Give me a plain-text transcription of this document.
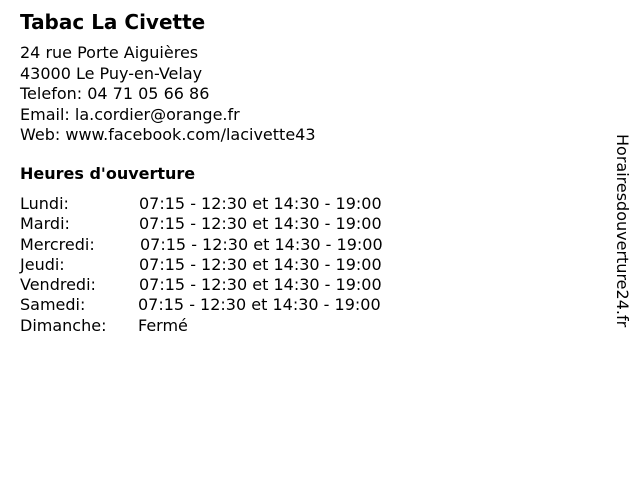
Tabac La Civette
24 rue Porte Aiguières
43000 Le Puy-en-Velay
Telefon: 04 71 05 66 86
Email: la.cordier@orange.fr
Web: www.facebook.com/lacivette43
Heures d'ouverture
Lundi:	07:15 - 12:30 et 14:30 - 19:00
Mardi:	07:15 - 12:30 et 14:30 - 19:00
Mercredi:	07:15 - 12:30 et 14:30 - 19:00
Jeudi:	07:15 - 12:30 et 14:30 - 19:00
Vendredi:	07:15 - 12:30 et 14:30 - 19:00
Samedi:	07:15 - 12:30 et 14:30 - 19:00
Dimanche: Fermé	Horairesdouverture24.fr
